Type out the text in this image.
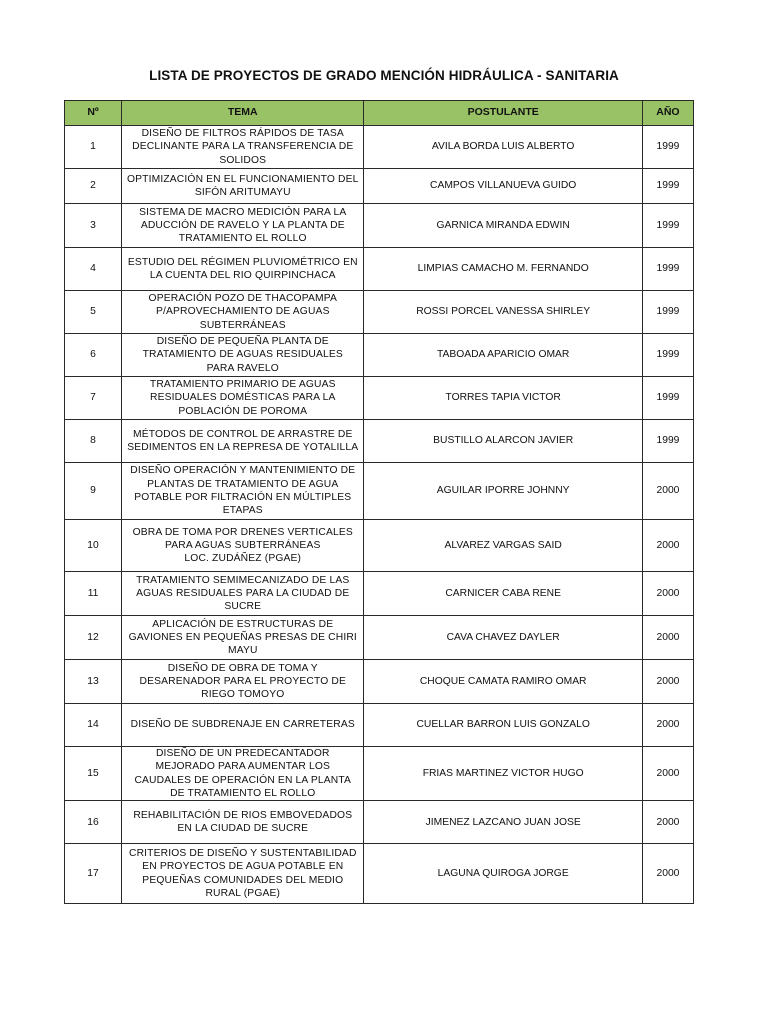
LISTA DE PROYECTOS DE GRADO MENCIÓN HIDRÁULICA - SANITARIA
Nº	TEMA	POSTULANTE	AÑO
1	DISEÑO DE FILTROS RÁPIDOS DE TASA
DECLINANTE PARA LA TRANSFERENCIA DE
SOLIDOS	AVILA BORDA LUIS ALBERTO	1999
2	OPTIMIZACIÓN EN EL FUNCIONAMIENTO DEL
SIFÓN ARITUMAYU	CAMPOS VILLANUEVA GUIDO	1999
3	SISTEMA DE MACRO MEDICIÓN PARA LA
ADUCCIÓN DE RAVELO Y LA PLANTA DE
TRATAMIENTO EL ROLLO	GARNICA MIRANDA EDWIN	1999
4	ESTUDIO DEL RÉGIMEN PLUVIOMÉTRICO EN
LA CUENTA DEL RIO QUIRPINCHACA	LIMPIAS CAMACHO M. FERNANDO	1999
5	OPERACIÓN POZO DE THACOPAMPA
P/APROVECHAMIENTO DE AGUAS
SUBTERRÁNEAS	ROSSI PORCEL VANESSA SHIRLEY	1999
6	DISEÑO DE PEQUEÑA PLANTA DE
TRATAMIENTO DE AGUAS RESIDUALES
PARA RAVELO	TABOADA APARICIO OMAR	1999
7	TRATAMIENTO PRIMARIO DE AGUAS
RESIDUALES DOMÉSTICAS PARA LA
POBLACIÓN DE POROMA	TORRES TAPIA VICTOR	1999
8	MÉTODOS DE CONTROL DE ARRASTRE DE
SEDIMENTOS EN LA REPRESA DE YOTALILLA	BUSTILLO ALARCON JAVIER	1999
9	DISEÑO OPERACIÓN Y MANTENIMIENTO DE
PLANTAS DE TRATAMIENTO DE AGUA
POTABLE POR FILTRACIÓN EN MÚLTIPLES
ETAPAS	AGUILAR IPORRE JOHNNY	2000
10	OBRA DE TOMA POR DRENES VERTICALES
PARA AGUAS SUBTERRÁNEAS
LOC. ZUDÁÑEZ (PGAE)	ALVAREZ VARGAS SAID	2000
11	TRATAMIENTO SEMIMECANIZADO DE LAS
AGUAS RESIDUALES PARA LA CIUDAD DE
SUCRE	CARNICER CABA RENE	2000
12	APLICACIÓN DE ESTRUCTURAS DE
GAVIONES EN PEQUEÑAS PRESAS DE CHIRI
MAYU	CAVA CHAVEZ DAYLER	2000
13	DISEÑO DE OBRA DE TOMA Y
DESARENADOR PARA EL PROYECTO DE
RIEGO TOMOYO	CHOQUE CAMATA RAMIRO OMAR	2000
14	DISEÑO DE SUBDRENAJE EN CARRETERAS	CUELLAR BARRON LUIS GONZALO	2000
15	DISEÑO DE UN PREDECANTADOR
MEJORADO PARA AUMENTAR LOS
CAUDALES DE OPERACIÓN EN LA PLANTA
DE TRATAMIENTO EL ROLLO	FRIAS MARTINEZ VICTOR HUGO	2000
16	REHABILITACIÓN DE RIOS EMBOVEDADOS
EN LA CIUDAD DE SUCRE	JIMENEZ LAZCANO JUAN JOSE	2000
17	CRITERIOS DE DISEÑO Y SUSTENTABILIDAD
EN PROYECTOS DE AGUA POTABLE EN
PEQUEÑAS COMUNIDADES DEL MEDIO
RURAL (PGAE)	LAGUNA QUIROGA JORGE	2000
